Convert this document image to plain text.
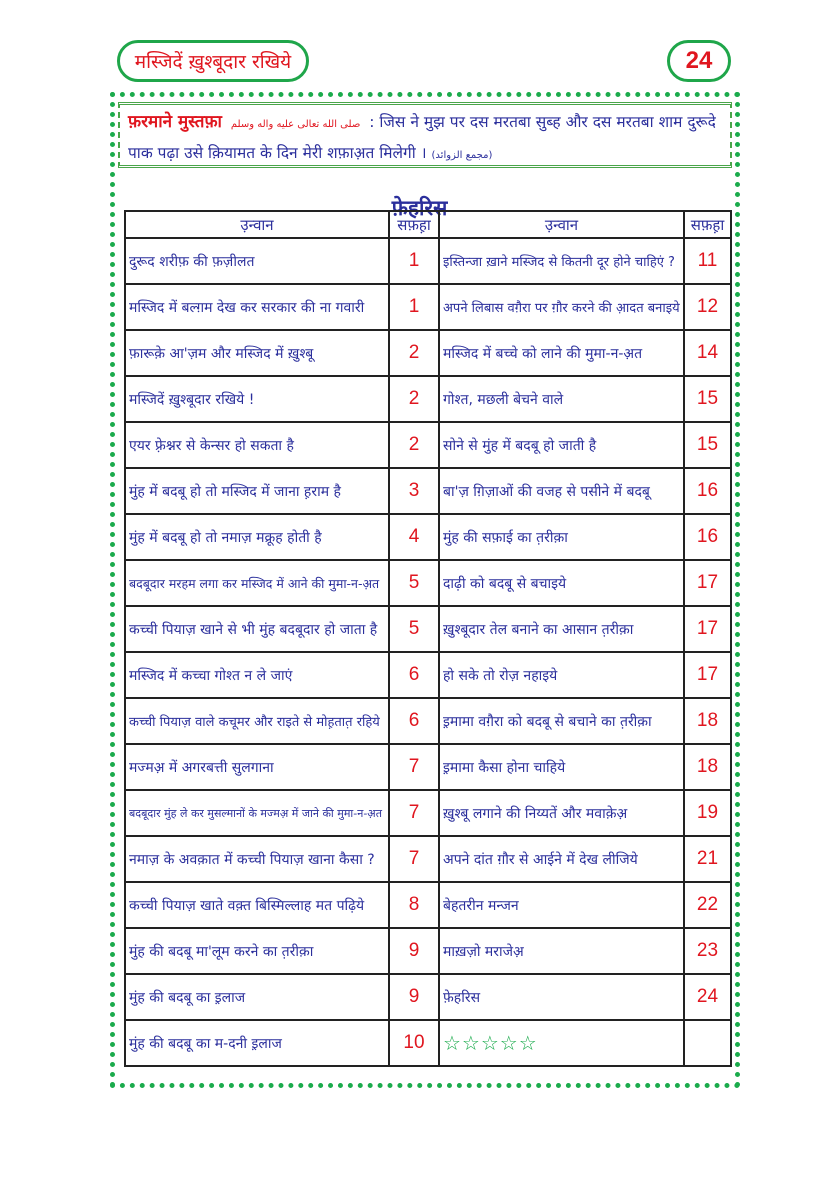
मस्जिदें ख़ुश्बूदार रखिये	24
फ़रमाने मुस्तफ़ा صلى الله تعالى عليه واله وسلم : जिस ने मुझ पर दस मरतबा सुब्ह और दस मरतबा शाम दुरूदे पाक पढ़ा उसे क़ियामत के दिन मेरी शफ़ाअ़त मिलेगी । (مجمع الزوائد)
फ़ेहरिस
उ़न्वान	सफ़ह़ा	उ़न्वान	सफ़ह़ा
दुरूद शरीफ़ की फ़ज़ीलत	1	इस्तिन्जा ख़ाने मस्जिद से कितनी दूर होने चाहिएं ?	11
मस्जिद में बल्ग़म देख कर सरकार की ना गवारी	1	अपने लिबास वग़ैरा पर ग़ौर करने की आ़दत बनाइये	12
फ़ारूक़े आ'ज़म और मस्जिद में ख़ुश्बू	2	मस्जिद में बच्चे को लाने की मुमा-न-अ़त	14
मस्जिदें ख़ुश्बूदार रखिये !	2	गोश्त, मछली बेचने वाले	15
एयर फ़्रेश्नर से केन्सर हो सकता है	2	सोने से मुंह में बदबू हो जाती है	15
मुंह में बदबू हो तो मस्जिद में जाना ह़राम है	3	बा'ज़ ग़िज़ाओं की वजह से पसीने में बदबू	16
मुंह में बदबू हो तो नमाज़ मक्रूह होती है	4	मुंह की सफ़ाई का त़रीक़ा	16
बदबूदार मरहम लगा कर मस्जिद में आने की मुमा-न-अ़त	5	दाढ़ी को बदबू से बचाइये	17
कच्ची पियाज़ खाने से भी मुंह बदबूदार हो जाता है	5	ख़ुश्बूदार तेल बनाने का आसान त़रीक़ा	17
मस्जिद में कच्चा गोश्त न ले जाएं	6	हो सके तो रोज़ नहाइये	17
कच्ची पियाज़ वाले कचूमर और राइते से मोह़तात़ रहिये	6	इ़मामा वग़ैरा को बदबू से बचाने का त़रीक़ा	18
मज्मअ़ में अगरबत्ती सुलगाना	7	इ़मामा कैसा होना चाहिये	18
बदबूदार मुंह ले कर मुसल्मानों के मज्मअ़ में जाने की मुमा-न-अ़त	7	ख़ुश्बू लगाने की निय्यतें और मवाक़ेअ़	19
नमाज़ के अवक़ात में कच्ची पियाज़ खाना कैसा ?	7	अपने दांत ग़ौर से आईने में देख लीजिये	21
कच्ची पियाज़ खाते वक़्त बिस्मिल्लाह मत पढ़िये	8	बेहतरीन मन्जन	22
मुंह की बदबू मा'लूम करने का त़रीक़ा	9	माख़ज़ो मराजेअ़	23
मुंह की बदबू का इ़लाज	9	फ़ेहरिस	24
मुंह की बदबू का म-दनी इ़लाज	10	☆☆☆☆☆	
